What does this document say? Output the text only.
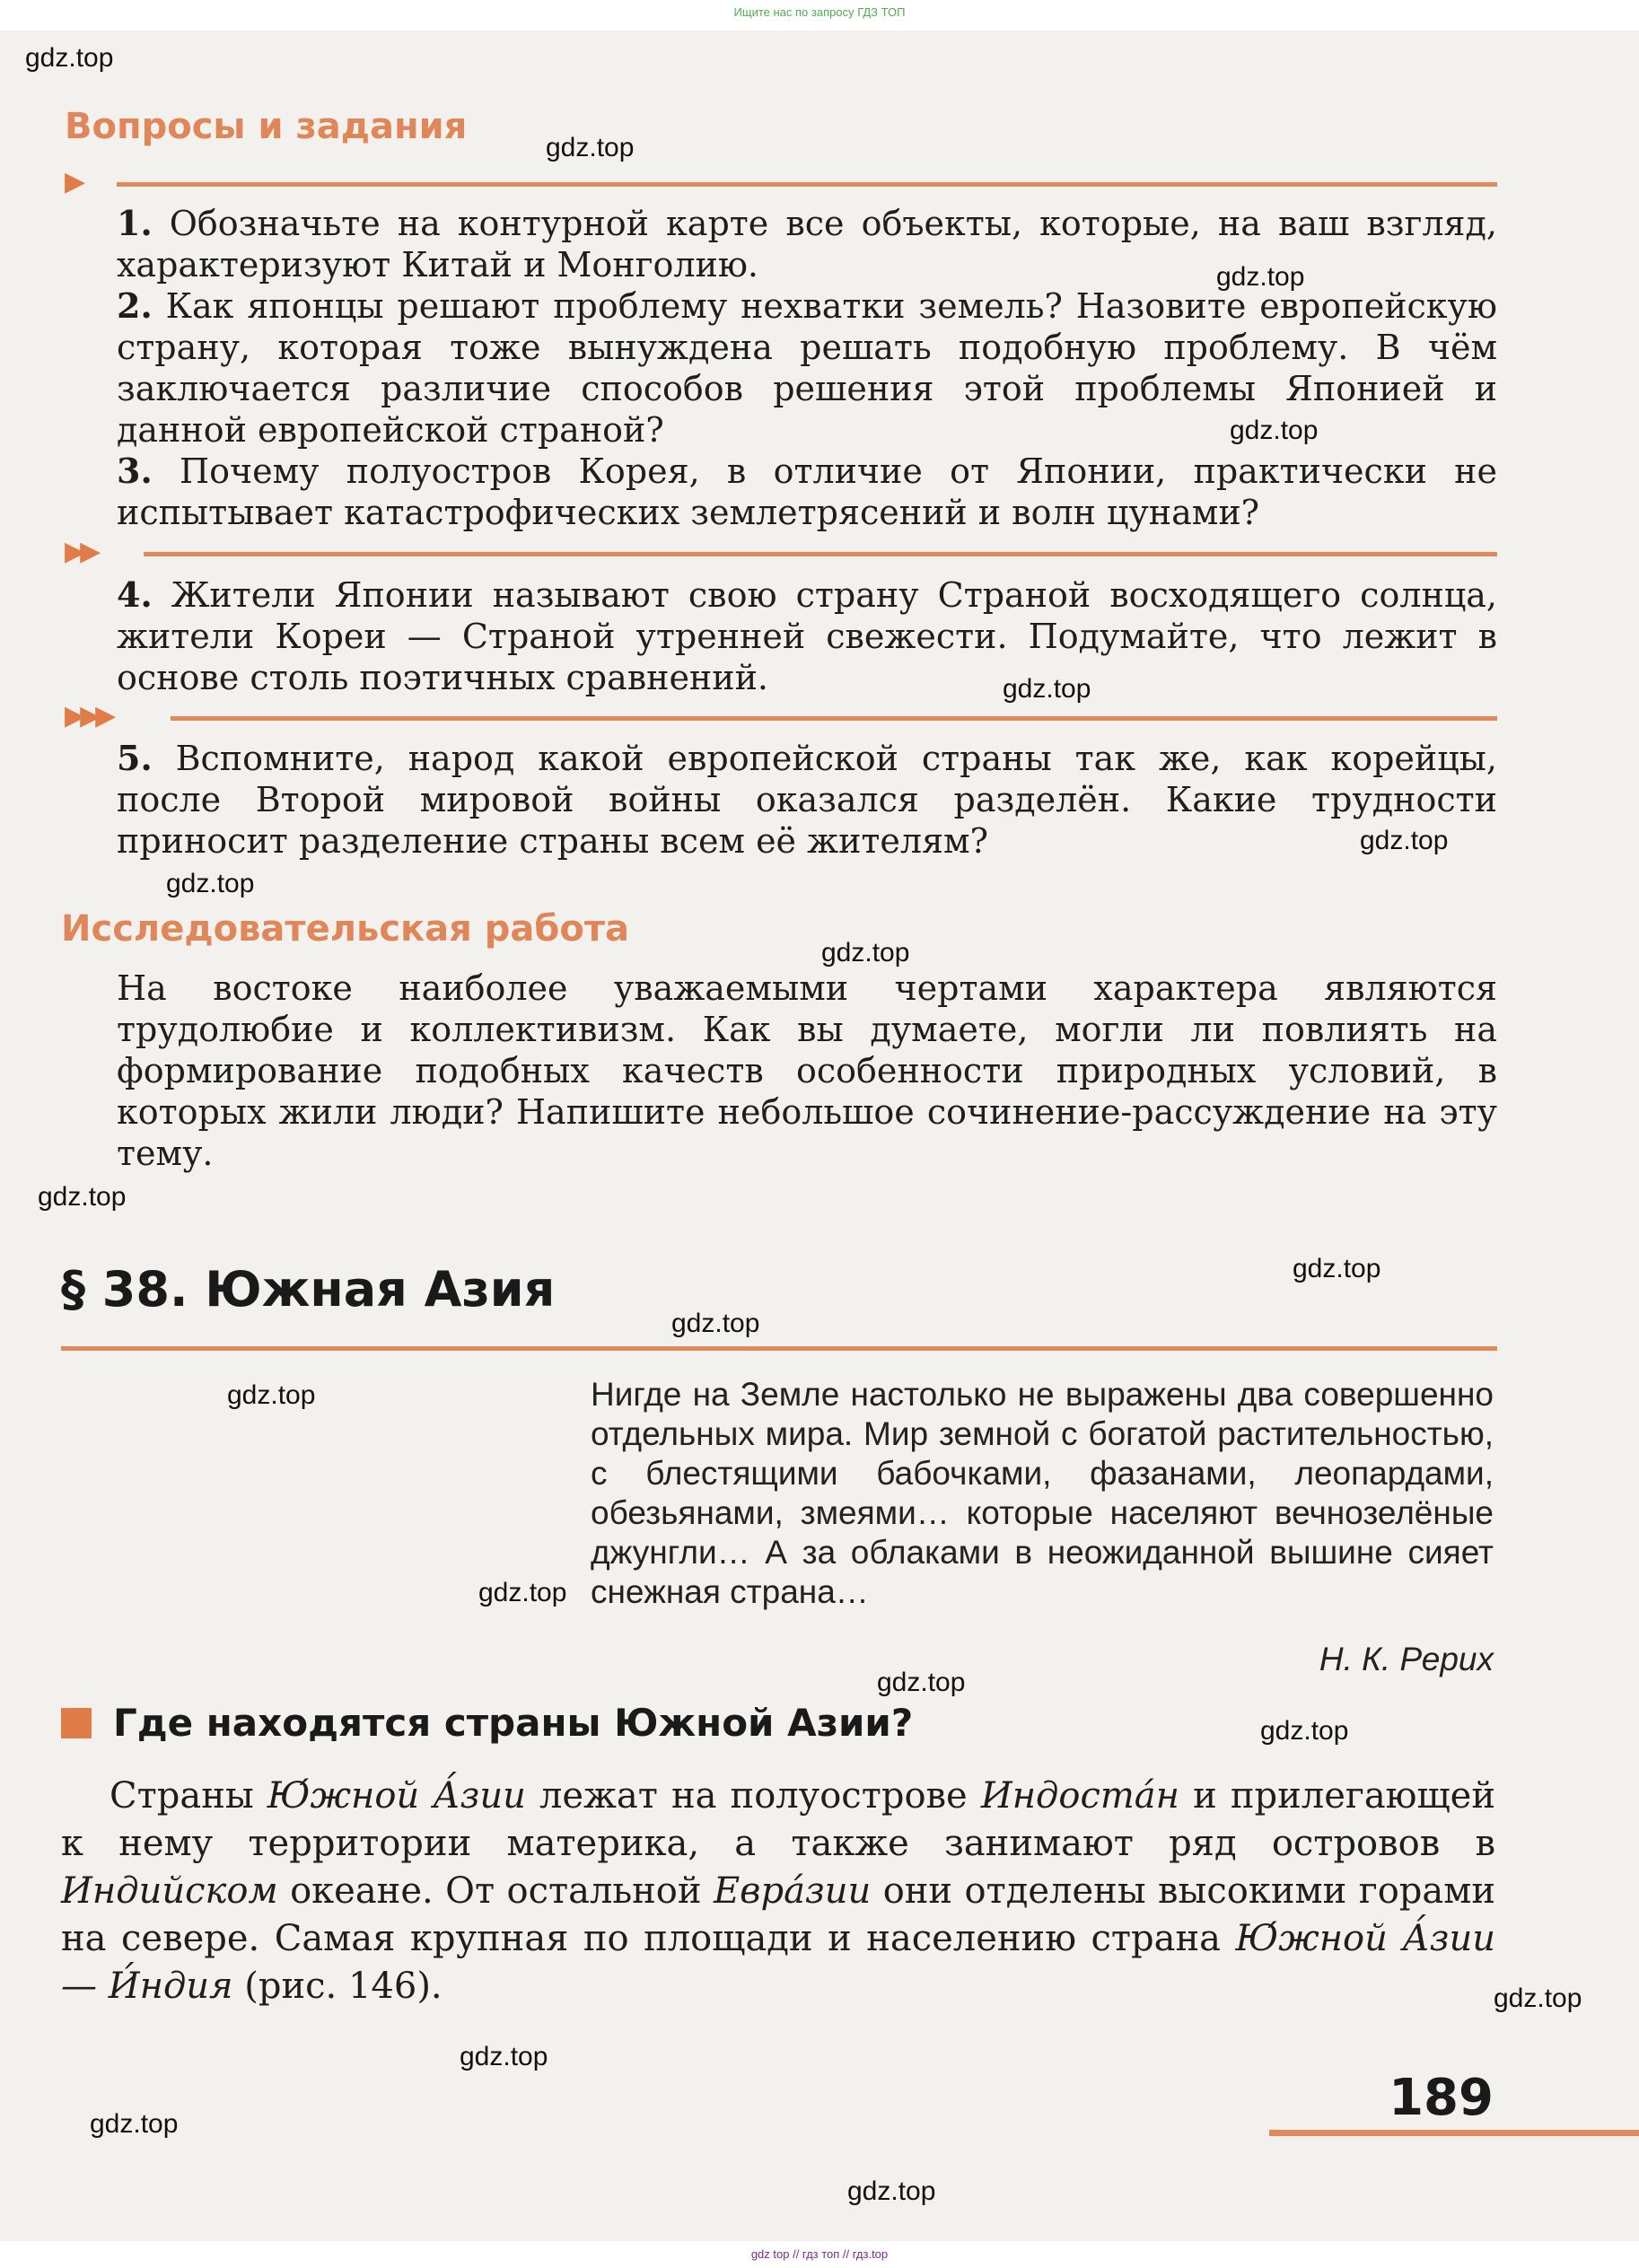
Ищите нас по запросу ГДЗ ТОП
Вопросы и задания
▶
1. Обозначьте на контурной карте все объекты, которые, на ваш взгляд, характеризуют Китай и Монголию.
2. Как японцы решают проблему нехватки земель? Назовите европейскую страну, которая тоже вынуждена решать подобную проблему. В чём заключается различие способов решения этой проблемы Японией и данной европейской страной?
3. Почему полуостров Корея, в отличие от Японии, практически не испытывает катастрофических землетрясений и волн цунами?
▶▶
4. Жители Японии называют свою страну Страной восходящего солнца, жители Кореи — Страной утренней свежести. Подумайте, что лежит в основе столь поэтичных сравнений.
▶▶▶
5. Вспомните, народ какой европейской страны так же, как корейцы, после Второй мировой войны оказался разделён. Какие трудности приносит разделение страны всем её жителям?
Исследовательская работа
На востоке наиболее уважаемыми чертами характера являются трудолюбие и коллективизм. Как вы думаете, могли ли повлиять на формирование подобных качеств особенности природных условий, в которых жили люди? Напишите небольшое сочинение-рассуждение на эту тему.
§ 38. Южная Азия
Нигде на Земле настолько не выражены два совершенно отдельных мира. Мир земной с богатой растительностью, с блестящими бабочками, фазанами, леопардами, обезьянами, змеями… которые населяют вечнозелёные джунгли… А за облаками в неожиданной вышине сияет снежная страна…
Н. К. Рерих
Где находятся страны Южной Азии?
Страны Ю́жной А́зии лежат на полуострове Индоста́н и прилегающей к нему территории материка, а также занимают ряд островов в Индийском океане. От остальной Евра́зии они отделены высокими горами на севере. Самая крупная по площади и населению страна Ю́жной А́зии — И́ндия (рис. 146).
189
gdz.top
gdz.top
gdz.top
gdz.top
gdz.top
gdz.top
gdz.top
gdz.top
gdz.top
gdz.top
gdz.top
gdz.top
gdz.top
gdz.top
gdz.top
gdz.top
gdz.top
gdz.top
gdz.top
gdz top // гдз топ // гдз.top
